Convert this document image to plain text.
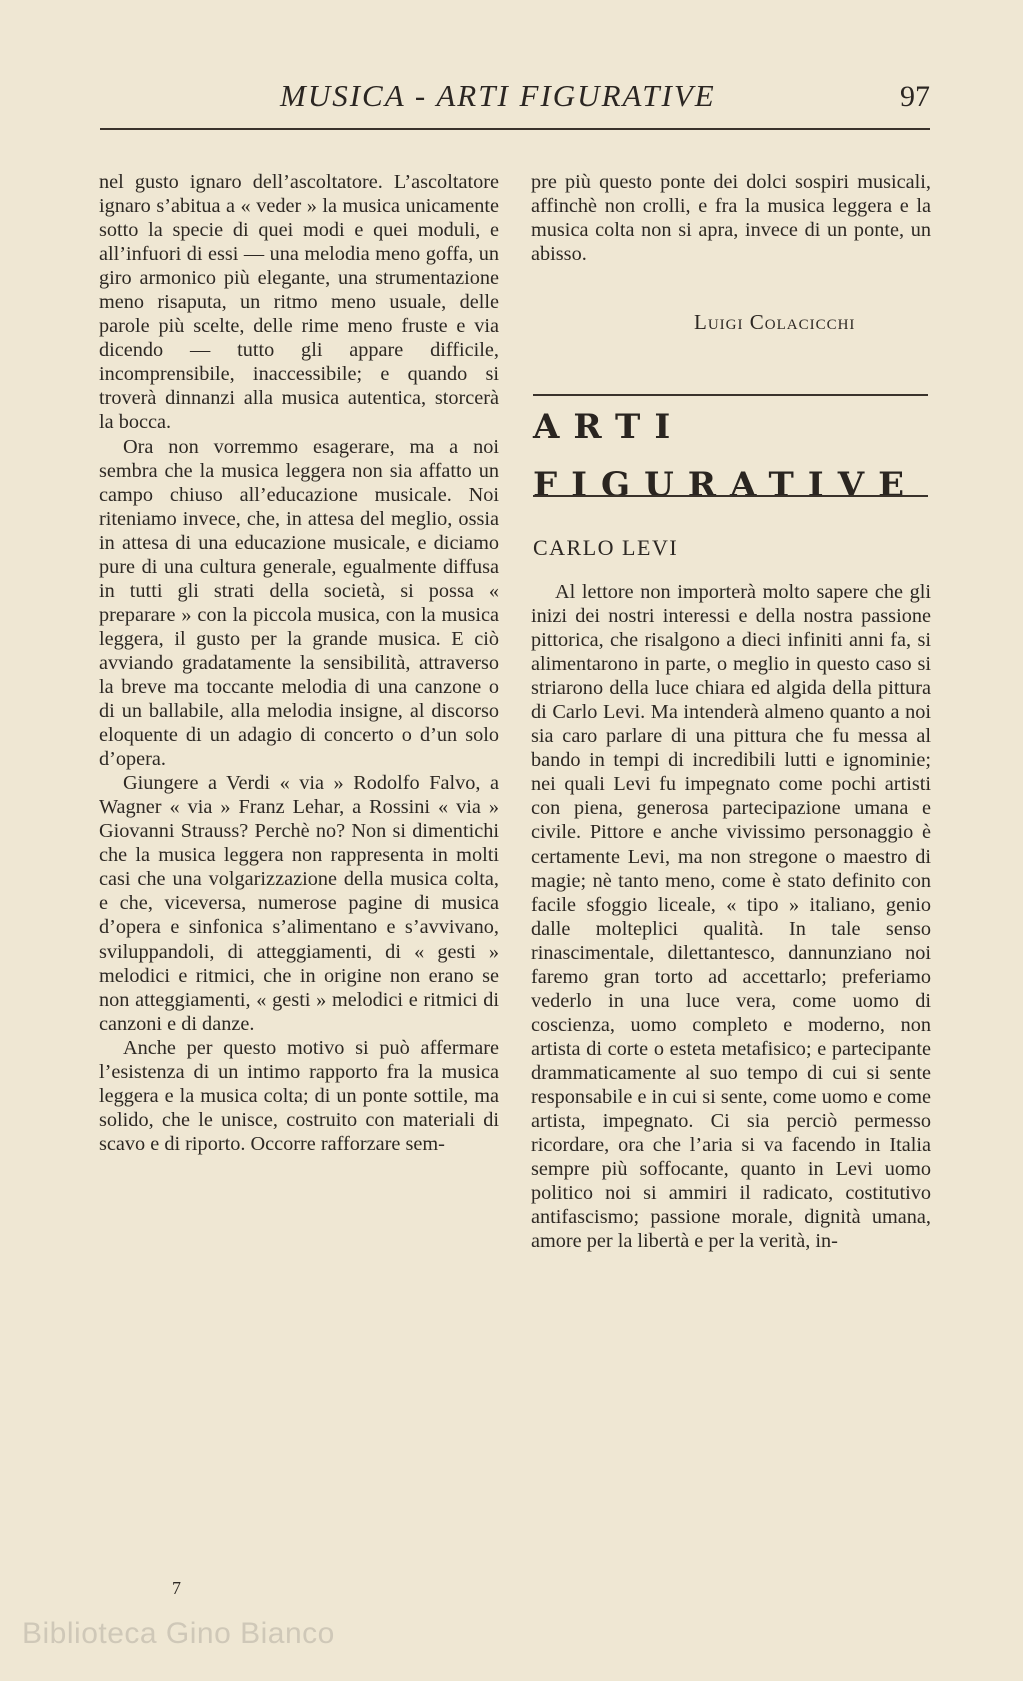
MUSICA - ARTI FIGURATIVE	97

nel gusto ignaro dell’ascoltatore. L’ascoltatore ignaro s’abitua a « veder » la musica unicamente sotto la specie di quei modi e quei moduli, e all’infuori di essi — una melodia meno goffa, un giro armonico più elegante, una strumentazione meno risaputa, un ritmo meno usuale, delle parole più scelte, delle rime meno fruste e via dicendo — tutto gli appare difficile, incomprensibile, inaccessibile; e quando si troverà dinnanzi alla musica autentica, storcerà la bocca.

Ora non vorremmo esagerare, ma a noi sembra che la musica leggera non sia affatto un campo chiuso all’educazione musicale. Noi riteniamo invece, che, in attesa del meglio, ossia in attesa di una educazione musicale, e diciamo pure di una cultura generale, egualmente diffusa in tutti gli strati della società, si possa « preparare » con la piccola musica, con la musica leggera, il gusto per la grande musica. E ciò avviando gradatamente la sensibilità, attraverso la breve ma toccante melodia di una canzone o di un ballabile, alla melodia insigne, al discorso eloquente di un adagio di concerto o d’un solo d’opera.

Giungere a Verdi « via » Rodolfo Falvo, a Wagner « via » Franz Lehar, a Rossini « via » Giovanni Strauss? Perchè no? Non si dimentichi che la musica leggera non rappresenta in molti casi che una volgarizzazione della musica colta, e che, viceversa, numerose pagine di musica d’opera e sinfonica s’alimentano e s’avvivano, sviluppandoli, di atteggiamenti, di « gesti » melodici e ritmici, che in origine non erano se non atteggiamenti, « gesti » melodici e ritmici di canzoni e di danze.

Anche per questo motivo si può affermare l’esistenza di un intimo rapporto fra la musica leggera e la musica colta; di un ponte sottile, ma solido, che le unisce, costruito con materiali di scavo e di riporto. Occorre rafforzare sem-

pre più questo ponte dei dolci sospiri musicali, affinchè non crolli, e fra la musica leggera e la musica colta non si apra, invece di un ponte, un abisso.

Luigi Colacicchi
ARTI
FIGURATIVE
CARLO LEVI

Al lettore non importerà molto sapere che gli inizi dei nostri interessi e della nostra passione pittorica, che risalgono a dieci infiniti anni fa, si alimentarono in parte, o meglio in questo caso si striarono della luce chiara ed algida della pittura di Carlo Levi. Ma intenderà almeno quanto a noi sia caro parlare di una pittura che fu messa al bando in tempi di incredibili lutti e ignominie; nei quali Levi fu impegnato come pochi artisti con piena, generosa partecipazione umana e civile. Pittore e anche vivissimo personaggio è certamente Levi, ma non stregone o maestro di magie; nè tanto meno, come è stato definito con facile sfoggio liceale, « tipo » italiano, genio dalle molteplici qualità. In tale senso rinascimentale, dilettantesco, dannunziano noi faremo gran torto ad accettarlo; preferiamo vederlo in una luce vera, come uomo di coscienza, uomo completo e moderno, non artista di corte o esteta metafisico; e partecipante drammaticamente al suo tempo di cui si sente responsabile e in cui si sente, come uomo e come artista, impegnato. Ci sia perciò permesso ricordare, ora che l’aria si va facendo in Italia sempre più soffocante, quanto in Levi uomo politico noi si ammiri il radicato, costitutivo antifascismo; passione morale, dignità umana, amore per la libertà e per la verità, in-

7
Biblioteca Gino Bianco
